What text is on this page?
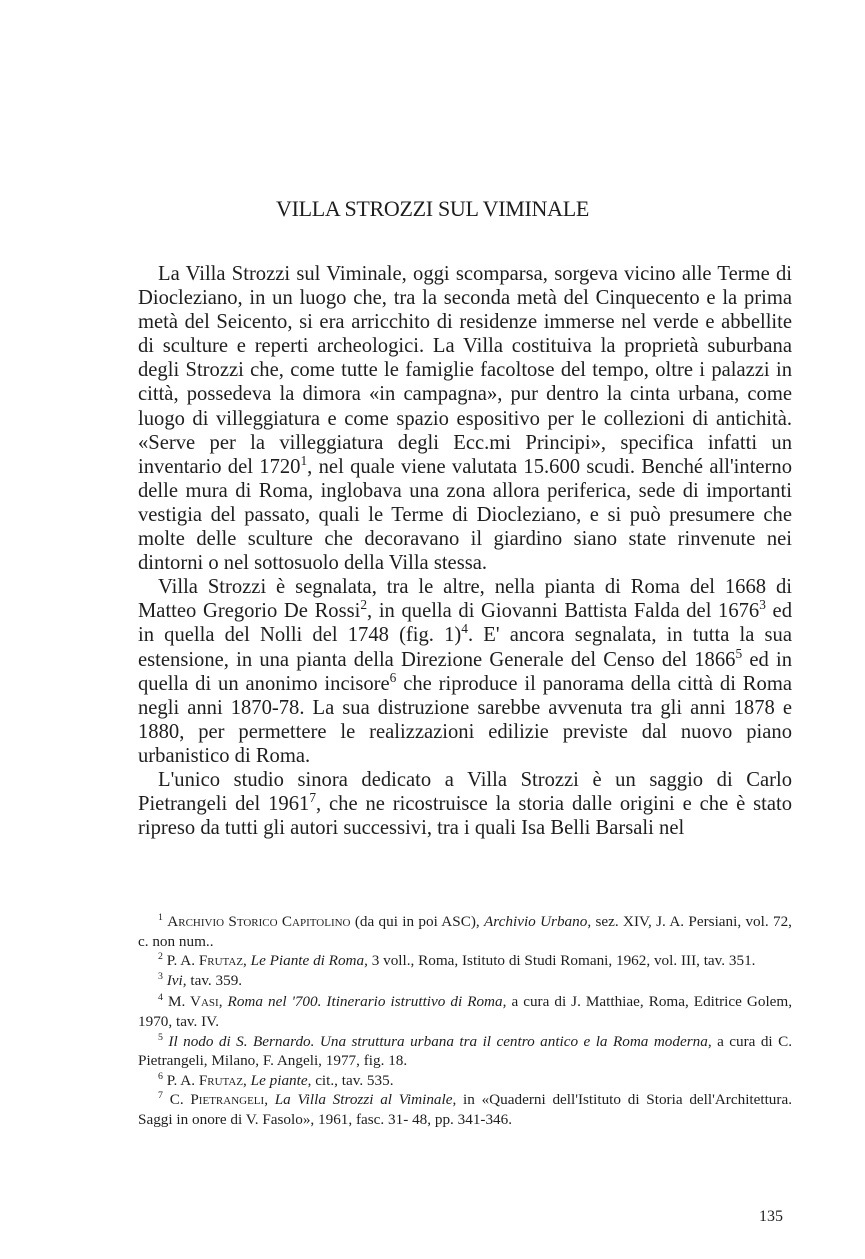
VILLA STROZZI SUL VIMINALE

La Villa Strozzi sul Viminale, oggi scomparsa, sorgeva vicino alle Terme di Diocleziano, in un luogo che, tra la seconda metà del Cinquecento e la prima metà del Seicento, si era arricchito di residenze immerse nel verde e abbellite di sculture e reperti archeologici. La Villa costituiva la proprietà suburbana degli Strozzi che, come tutte le famiglie facoltose del tempo, oltre i palazzi in città, possedeva la dimora «in campagna», pur dentro la cinta urbana, come luogo di villeggiatura e come spazio espositivo per le collezioni di antichità. «Serve per la villeggiatura degli Ecc.mi Principi», specifica infatti un inventario del 1720$^1$, nel quale viene valutata 15.600 scudi. Benché all'interno delle mura di Roma, inglobava una zona allora periferica, sede di importanti vestigia del passato, quali le Terme di Diocleziano, e si può presumere che molte delle sculture che decoravano il giardino siano state rinvenute nei dintorni o nel sottosuolo della Villa stessa.

Villa Strozzi è segnalata, tra le altre, nella pianta di Roma del 1668 di Matteo Gregorio De Rossi$^2$, in quella di Giovanni Battista Falda del 1676$^3$ ed in quella del Nolli del 1748 (fig. 1)$^4$. E' ancora segnalata, in tutta la sua estensione, in una pianta della Direzione Generale del Censo del 1866$^5$ ed in quella di un anonimo incisore$^6$ che riproduce il panorama della città di Roma negli anni 1870-78. La sua distruzione sarebbe avvenuta tra gli anni 1878 e 1880, per permettere le realizzazioni edilizie previste dal nuovo piano urbanistico di Roma.

L'unico studio sinora dedicato a Villa Strozzi è un saggio di Carlo Pietrangeli del 1961$^7$, che ne ricostruisce la storia dalle origini e che è stato ripreso da tutti gli autori successivi, tra i quali Isa Belli Barsali nel

$^1$ Archivio Storico Capitolino (da qui in poi ASC), Archivio Urbano, sez. XIV, J. A. Persiani, vol. 72, c. non num..

$^2$ P. A. Frutaz, Le Piante di Roma, 3 voll., Roma, Istituto di Studi Romani, 1962, vol. III, tav. 351.

$^3$ Ivi, tav. 359.

$^4$ M. Vasi, Roma nel '700. Itinerario istruttivo di Roma, a cura di J. Matthiae, Roma, Editrice Golem, 1970, tav. IV.

$^5$ Il nodo di S. Bernardo. Una struttura urbana tra il centro antico e la Roma moderna, a cura di C. Pietrangeli, Milano, F. Angeli, 1977, fig. 18.

$^6$ P. A. Frutaz, Le piante, cit., tav. 535.

$^7$ C. Pietrangeli, La Villa Strozzi al Viminale, in «Quaderni dell'Istituto di Storia dell'Architettura. Saggi in onore di V. Fasolo», 1961, fasc. 31- 48, pp. 341-346.

135
